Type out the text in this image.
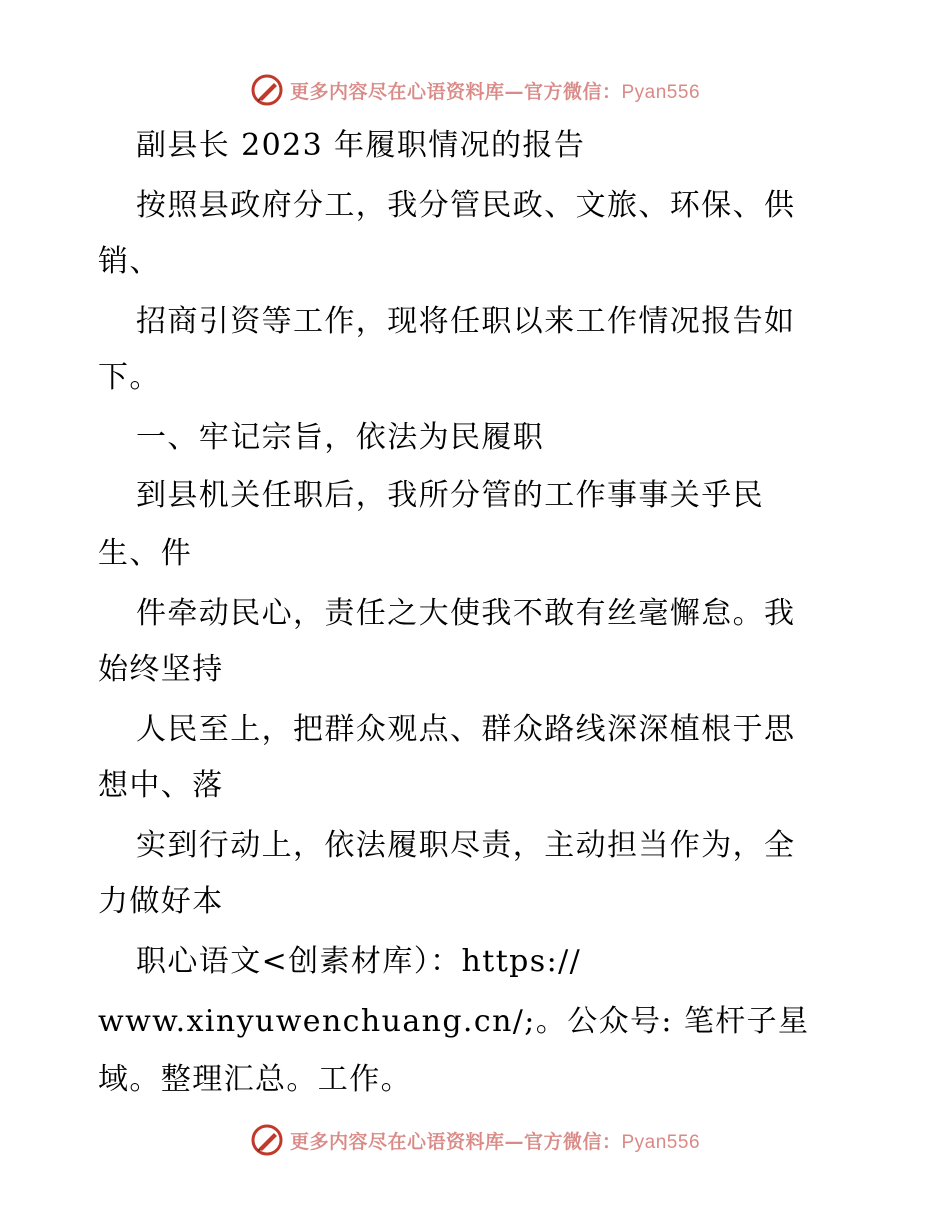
更多内容尽在心语资料库—官方微信：Pyan556
副县长 2023 年履职情况的报告
按照县政府分工，我分管民政、文旅、环保、供
销、
招商引资等工作，现将任职以来工作情况报告如
下。
一、牢记宗旨，依法为民履职
到县机关任职后，我所分管的工作事事关乎民
生、件
件牵动民心，责任之大使我不敢有丝毫懈怠。我
始终坚持
人民至上，把群众观点、群众路线深深植根于思
想中、落
实到行动上，依法履职尽责，主动担当作为，全
力做好本
职心语文<创素材库）：https://
www.xinyuwenchuang.cn/;。公众号: 笔杆子星
域。整理汇总。工作。
更多内容尽在心语资料库—官方微信：Pyan556
